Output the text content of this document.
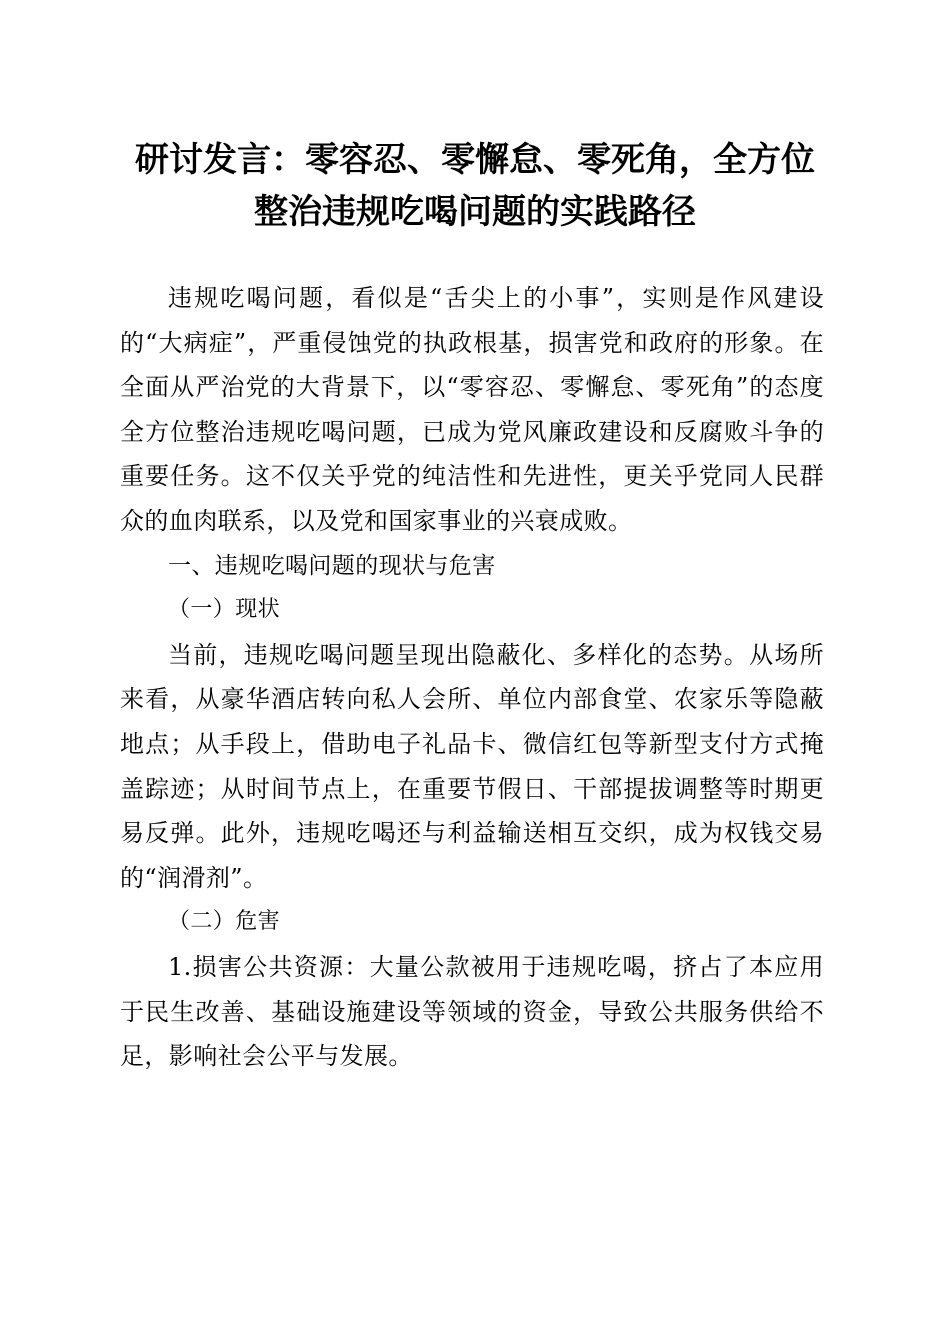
研讨发言：零容忍、零懈怠、零死角，全方位
整治违规吃喝问题的实践路径

违规吃喝问题，看似是“舌尖上的小事”，实则是作风建设的“大病症”，严重侵蚀党的执政根基，损害党和政府的形象。在全面从严治党的大背景下，以“零容忍、零懈怠、零死角”的态度全方位整治违规吃喝问题，已成为党风廉政建设和反腐败斗争的重要任务。这不仅关乎党的纯洁性和先进性，更关乎党同人民群众的血肉联系，以及党和国家事业的兴衰成败。

一、违规吃喝问题的现状与危害

（一）现状

当前，违规吃喝问题呈现出隐蔽化、多样化的态势。从场所来看，从豪华酒店转向私人会所、单位内部食堂、农家乐等隐蔽地点；从手段上，借助电子礼品卡、微信红包等新型支付方式掩盖踪迹；从时间节点上，在重要节假日、干部提拔调整等时期更易反弹。此外，违规吃喝还与利益输送相互交织，成为权钱交易的“润滑剂”。

（二）危害

1.损害公共资源：大量公款被用于违规吃喝，挤占了本应用于民生改善、基础设施建设等领域的资金，导致公共服务供给不足，影响社会公平与发展。
